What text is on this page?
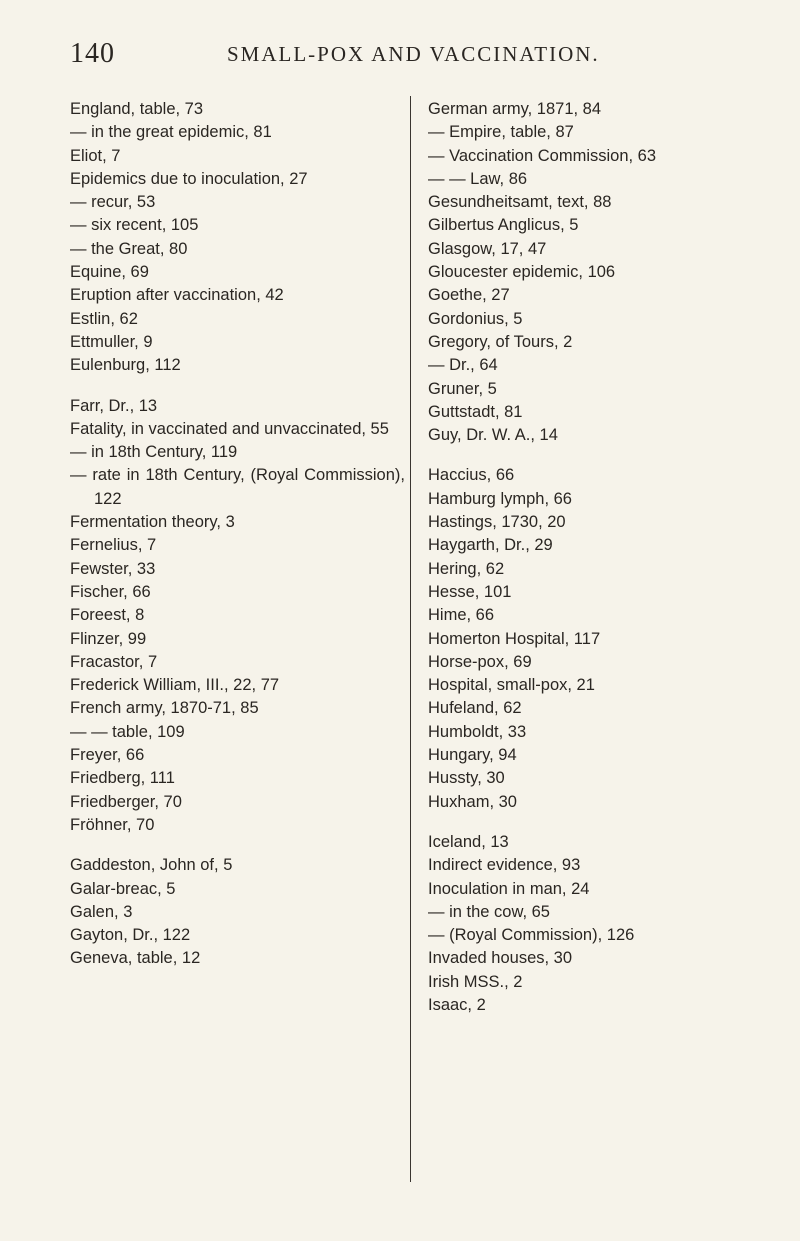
140	SMALL-POX AND VACCINATION.
England, table, 73
— in the great epidemic, 81
Eliot, 7
Epidemics due to inoculation, 27
— recur, 53
— six recent, 105
— the Great, 80
Equine, 69
Eruption after vaccination, 42
Estlin, 62
Ettmuller, 9
Eulenburg, 112
Farr, Dr., 13
Fatality, in vaccinated and unvaccinated, 55
— in 18th Century, 119
— rate in 18th Century, (Royal Commission), 122
Fermentation theory, 3
Fernelius, 7
Fewster, 33
Fischer, 66
Foreest, 8
Flinzer, 99
Fracastor, 7
Frederick William, III., 22, 77
French army, 1870-71, 85
— — table, 109
Freyer, 66
Friedberg, 111
Friedberger, 70
Fröhner, 70
Gaddeston, John of, 5
Galar-breac, 5
Galen, 3
Gayton, Dr., 122
Geneva, table, 12
German army, 1871, 84
— Empire, table, 87
— Vaccination Commission, 63
— — Law, 86
Gesundheitsamt, text, 88
Gilbertus Anglicus, 5
Glasgow, 17, 47
Gloucester epidemic, 106
Goethe, 27
Gordonius, 5
Gregory, of Tours, 2
— Dr., 64
Gruner, 5
Guttstadt, 81
Guy, Dr. W. A., 14
Haccius, 66
Hamburg lymph, 66
Hastings, 1730, 20
Haygarth, Dr., 29
Hering, 62
Hesse, 101
Hime, 66
Homerton Hospital, 117
Horse-pox, 69
Hospital, small-pox, 21
Hufeland, 62
Humboldt, 33
Hungary, 94
Hussty, 30
Huxham, 30
Iceland, 13
Indirect evidence, 93
Inoculation in man, 24
— in the cow, 65
— (Royal Commission), 126
Invaded houses, 30
Irish MSS., 2
Isaac, 2
